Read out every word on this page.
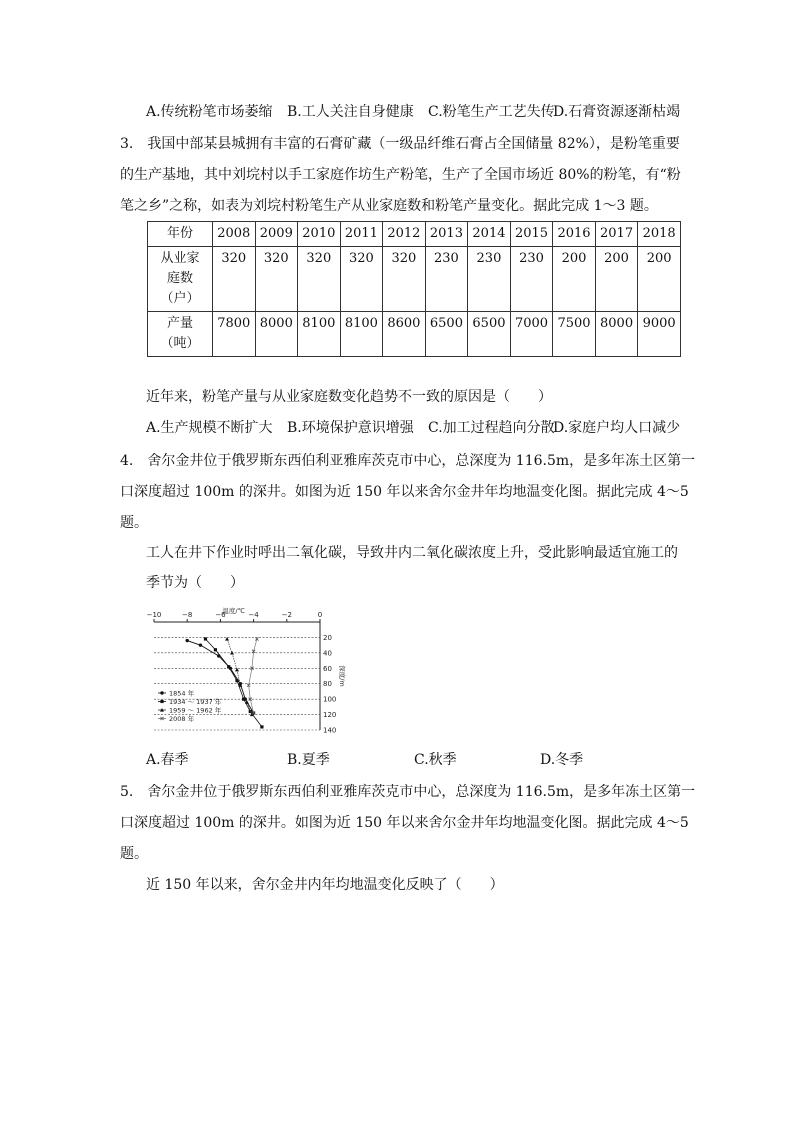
A.传统粉笔市场萎缩 B.工人关注自身健康 C.粉笔生产工艺失传
D.石膏资源逐渐枯竭
3.　我国中部某县城拥有丰富的石膏矿藏（一级品纤维石膏占全国储量 82%），是粉笔重要
的生产基地，其中刘垸村以手工家庭作坊生产粉笔，生产了全国市场近 80%的粉笔，有“粉
笔之乡”之称，如表为刘垸村粉笔生产从业家庭数和粉笔产量变化。据此完成 1～3 题。
年份	2008	2009	2010	2011	2012	2013	2014	2015	2016	2017	2018

从业家
庭数
（户）	320	320	320	320	320	230	230	230	200	200	200

产量
（吨）	7800	8000	8100	8100	8600	6500	6500	7000	7500	8000	9000
近年来，粉笔产量与从业家庭数变化趋势不一致的原因是（　　）
A.生产规模不断扩大 B.环境保护意识增强 C.加工过程趋向分散
D.家庭户均人口减少
4.　舍尔金井位于俄罗斯东西伯利亚雅库茨克市中心，总深度为 116.5m，是多年冻土区第一
口深度超过 100m 的深井。如图为近 150 年以来舍尔金井年均地温变化图。据此完成 4～5
题。
工人在井下作业时呼出二氧化碳，导致井内二氧化碳浓度上升，受此影响最适宜施工的
季节为（　　）
−10	−8	−6	−4	−2	0
温度/℃
20
40
60
80
100
120
140
深度/m
1854 年
1934 ～ 1937 年
1959 ～ 1962 年
2008 年
A.春季	B.夏季	C.秋季	D.冬季
5.　舍尔金井位于俄罗斯东西伯利亚雅库茨克市中心，总深度为 116.5m，是多年冻土区第一
口深度超过 100m 的深井。如图为近 150 年以来舍尔金井年均地温变化图。据此完成 4～5
题。
近 150 年以来，舍尔金井内年均地温变化反映了（　　）
